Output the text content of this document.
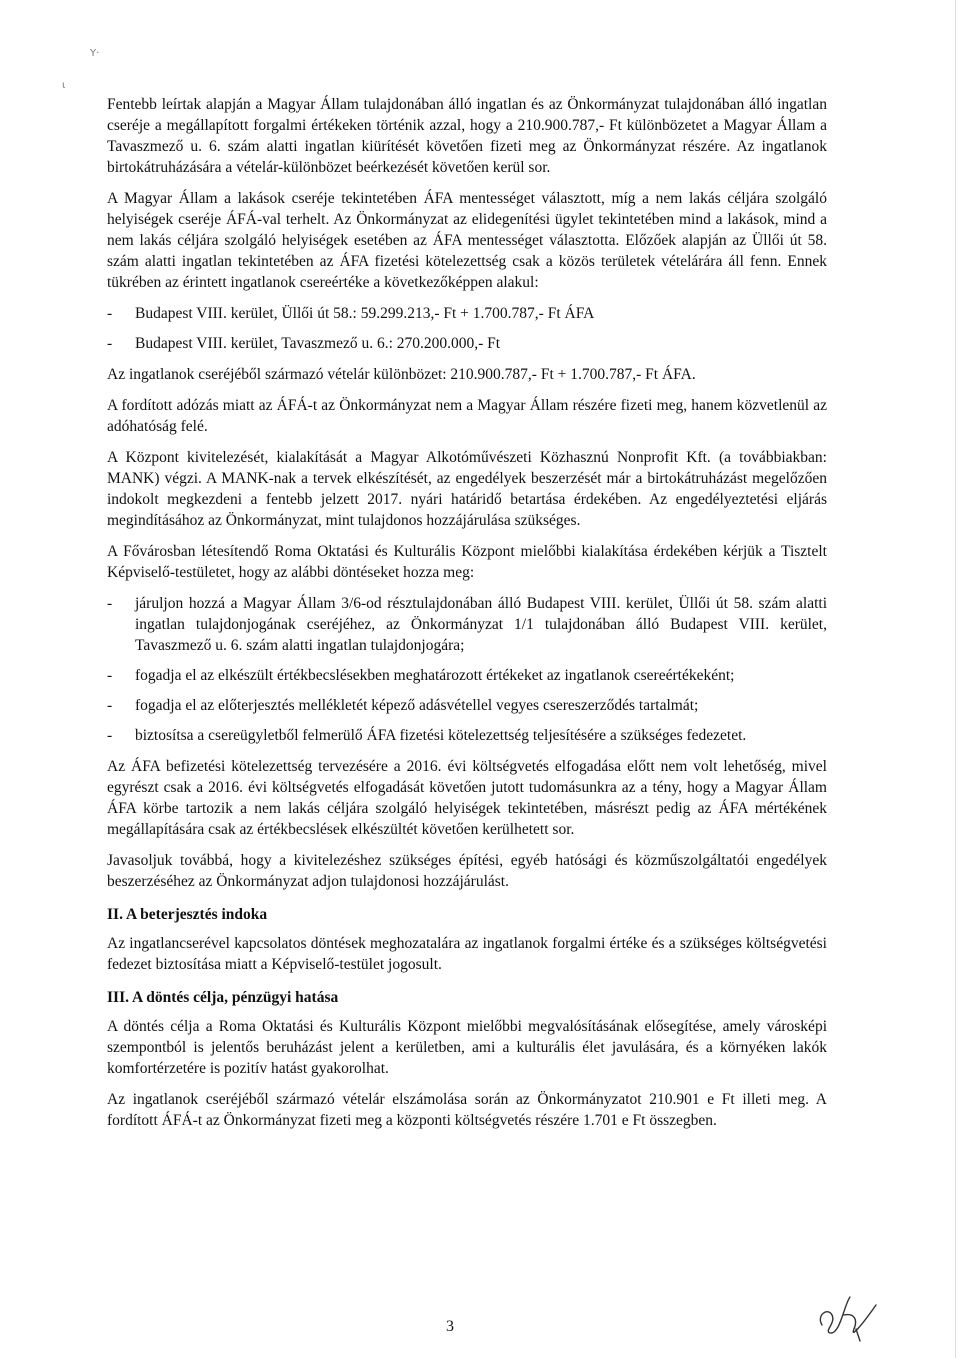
Y·
ι

Fentebb leírtak alapján a Magyar Állam tulajdonában álló ingatlan és az Önkormányzat tulajdonában álló ingatlan cseréje a megállapított forgalmi értékeken történik azzal, hogy a 210.900.787,- Ft különbözetet a Magyar Állam a Tavaszmező u. 6. szám alatti ingatlan kiürítését követően fizeti meg az Önkormányzat részére. Az ingatlanok birtokátruházására a vételár-különbözet beérkezését követően kerül sor.

A Magyar Állam a lakások cseréje tekintetében ÁFA mentességet választott, míg a nem lakás céljára szolgáló helyiségek cseréje ÁFÁ-val terhelt. Az Önkormányzat az elidegenítési ügylet tekintetében mind a lakások, mind a nem lakás céljára szolgáló helyiségek esetében az ÁFA mentességet választotta. Előzőek alapján az Üllői út 58. szám alatti ingatlan tekintetében az ÁFA fizetési kötelezettség csak a közös területek vételárára áll fenn. Ennek tükrében az érintett ingatlanok csereértéke a következőképpen alakul:

- Budapest VIII. kerület, Üllői út 58.: 59.299.213,- Ft + 1.700.787,- Ft ÁFA
- Budapest VIII. kerület, Tavaszmező u. 6.: 270.200.000,- Ft

Az ingatlanok cseréjéből származó vételár különbözet: 210.900.787,- Ft + 1.700.787,- Ft ÁFA.

A fordított adózás miatt az ÁFÁ-t az Önkormányzat nem a Magyar Állam részére fizeti meg, hanem közvetlenül az adóhatóság felé.

A Központ kivitelezését, kialakítását a Magyar Alkotóművészeti Közhasznú Nonprofit Kft. (a továbbiakban: MANK) végzi. A MANK-nak a tervek elkészítését, az engedélyek beszerzését már a birtokátruházást megelőzően indokolt megkezdeni a fentebb jelzett 2017. nyári határidő betartása érdekében. Az engedélyeztetési eljárás megindításához az Önkormányzat, mint tulajdonos hozzájárulása szükséges.

A Fővárosban létesítendő Roma Oktatási és Kulturális Központ mielőbbi kialakítása érdekében kérjük a Tisztelt Képviselő-testületet, hogy az alábbi döntéseket hozza meg:

- járuljon hozzá a Magyar Állam 3/6-od résztulajdonában álló Budapest VIII. kerület, Üllői út 58. szám alatti ingatlan tulajdonjogának cseréjéhez, az Önkormányzat 1/1 tulajdonában álló Budapest VIII. kerület, Tavaszmező u. 6. szám alatti ingatlan tulajdonjogára;
- fogadja el az elkészült értékbecslésekben meghatározott értékeket az ingatlanok csereértékeként;
- fogadja el az előterjesztés mellékletét képező adásvétellel vegyes csereszerződés tartalmát;
- biztosítsa a csereügyletből felmerülő ÁFA fizetési kötelezettség teljesítésére a szükséges fedezetet.

Az ÁFA befizetési kötelezettség tervezésére a 2016. évi költségvetés elfogadása előtt nem volt lehetőség, mivel egyrészt csak a 2016. évi költségvetés elfogadását követően jutott tudomásunkra az a tény, hogy a Magyar Állam ÁFA körbe tartozik a nem lakás céljára szolgáló helyiségek tekintetében, másrészt pedig az ÁFA mértékének megállapítására csak az értékbecslések elkészültét követően kerülhetett sor.

Javasoljuk továbbá, hogy a kivitelezéshez szükséges építési, egyéb hatósági és közműszolgáltatói engedélyek beszerzéséhez az Önkormányzat adjon tulajdonosi hozzájárulást.

II. A beterjesztés indoka

Az ingatlancserével kapcsolatos döntések meghozatalára az ingatlanok forgalmi értéke és a szükséges költségvetési fedezet biztosítása miatt a Képviselő-testület jogosult.

III. A döntés célja, pénzügyi hatása

A döntés célja a Roma Oktatási és Kulturális Központ mielőbbi megvalósításának elősegítése, amely városképi szempontból is jelentős beruházást jelent a kerületben, ami a kulturális élet javulására, és a környéken lakók komfortérzetére is pozitív hatást gyakorolhat.

Az ingatlanok cseréjéből származó vételár elszámolása során az Önkormányzatot 210.901 e Ft illeti meg. A fordított ÁFÁ-t az Önkormányzat fizeti meg a központi költségvetés részére 1.701 e Ft összegben.

3
